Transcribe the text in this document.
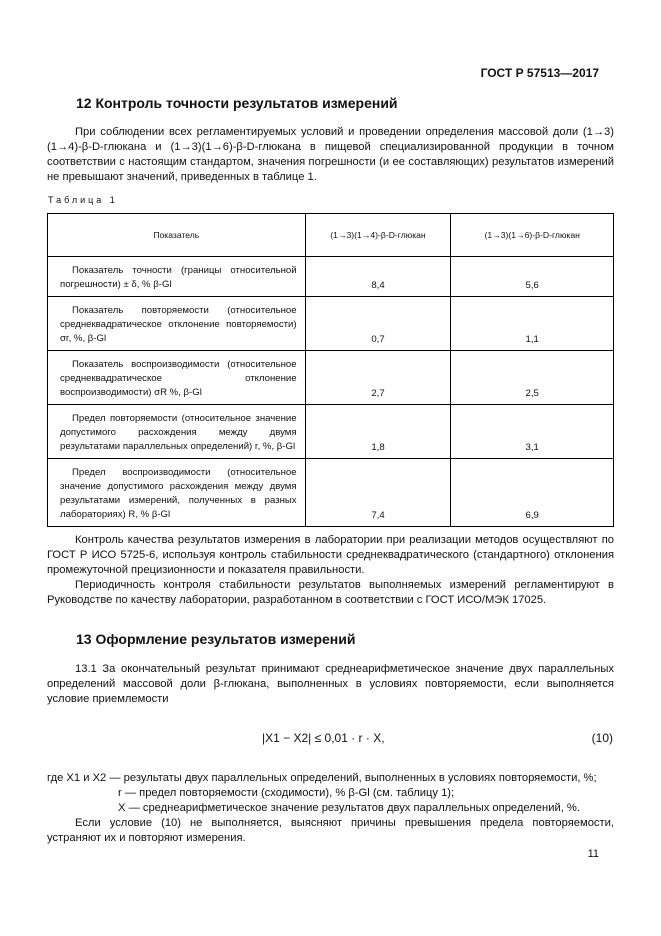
ГОСТ Р 57513—2017
12 Контроль точности результатов измерений
При соблюдении всех регламентируемых условий и проведении определения массовой доли (1→3)(1→4)-β-D-глюкана и (1→3)(1→6)-β-D-глюкана в пищевой специализированной продукции в точном соответствии с настоящим стандартом, значения погрешности (и ее составляющих) результатов измерений не превышают значений, приведенных в таблице 1.
Таблица 1
Показатель	(1→3)(1→4)-β-D-глюкан	(1→3)(1→6)-β-D-глюкан

Показатель точности (границы относительной погрешности) ± δ, % β-Gl	8,4	5,6

Показатель повторяемости (относительное среднеквадратическое отклонение повторяемости) σr, %, β-Gl	0,7	1,1

Показатель воспроизводимости (относительное среднеквадратическое отклонение воспроизводимости) σR %, β-Gl	2,7	2,5

Предел повторяемости (относительное значение допустимого расхождения между двумя результатами параллельных определений) r, %, β-Gl	1,8	3,1

Предел воспроизводимости (относительное значение допустимого расхождения между двумя результатами измерений, полученных в разных лабораториях) R, % β-Gl	7,4	6,9
Контроль качества результатов измерения в лаборатории при реализации методов осуществляют по ГОСТ Р ИСО 5725-6, используя контроль стабильности среднеквадратического (стандартного) отклонения промежуточной прецизионности и показателя правильности.
Периодичность контроля стабильности результатов выполняемых измерений регламентируют в Руководстве по качеству лаборатории, разработанном в соответствии с ГОСТ ИСО/МЭК 17025.
13 Оформление результатов измерений
13.1 За окончательный результат принимают среднеарифметическое значение двух параллельных определений массовой доли β-глюкана, выполненных в условиях повторяемости, если выполняется условие приемлемости
|X1 − X2| ≤ 0,01 · r · X,	(10)
где X1 и X2 — результаты двух параллельных определений, выполненных в условиях повторяемости, %;
r — предел повторяемости (сходимости), % β-Gl (см. таблицу 1);
X — среднеарифметическое значение результатов двух параллельных определений, %.
Если условие (10) не выполняется, выясняют причины превышения предела повторяемости, устраняют их и повторяют измерения.
11
